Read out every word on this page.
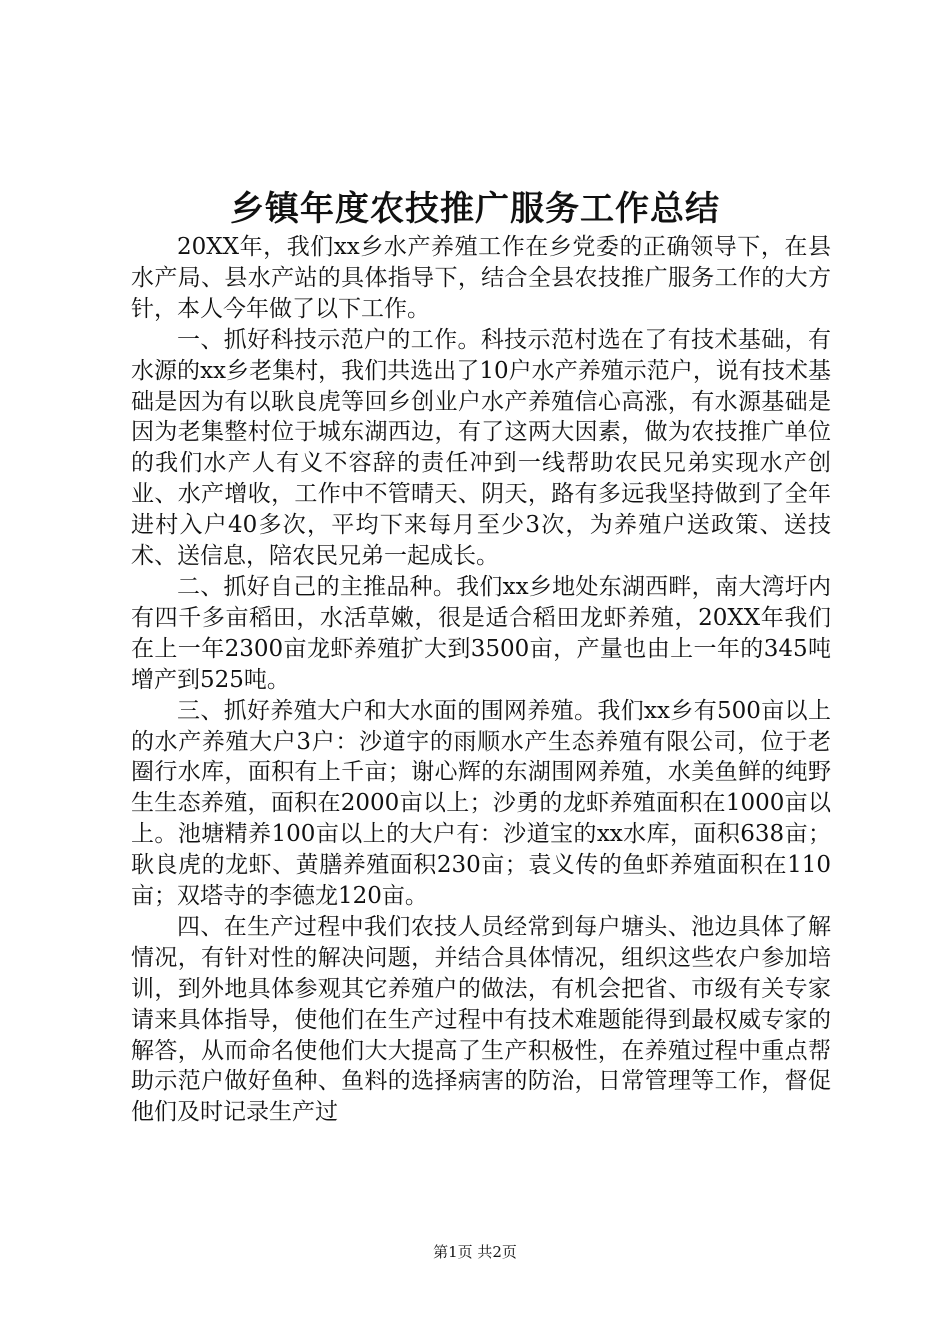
乡镇年度农技推广服务工作总结

20XX年，我们xx乡水产养殖工作在乡党委的正确领导下，在县水产局、县水产站的具体指导下，结合全县农技推广服务工作的大方针，本人今年做了以下工作。

一、抓好科技示范户的工作。科技示范村选在了有技术基础，有水源的xx乡老集村，我们共选出了10户水产养殖示范户，说有技术基础是因为有以耿良虎等回乡创业户水产养殖信心高涨，有水源基础是因为老集整村位于城东湖西边，有了这两大因素，做为农技推广单位的我们水产人有义不容辞的责任冲到一线帮助农民兄弟实现水产创业、水产增收，工作中不管晴天、阴天，路有多远我坚持做到了全年进村入户40多次，平均下来每月至少3次，为养殖户送政策、送技术、送信息，陪农民兄弟一起成长。

二、抓好自己的主推品种。我们xx乡地处东湖西畔，南大湾圩内有四千多亩稻田，水活草嫩，很是适合稻田龙虾养殖，20XX年我们在上一年2300亩龙虾养殖扩大到3500亩，产量也由上一年的345吨增产到525吨。

三、抓好养殖大户和大水面的围网养殖。我们xx乡有500亩以上的水产养殖大户3户：沙道宇的雨顺水产生态养殖有限公司，位于老圈行水库，面积有上千亩；谢心辉的东湖围网养殖，水美鱼鲜的纯野生生态养殖，面积在2000亩以上；沙勇的龙虾养殖面积在1000亩以上。池塘精养100亩以上的大户有：沙道宝的xx水库，面积638亩；耿良虎的龙虾、黄膳养殖面积230亩；袁义传的鱼虾养殖面积在110亩；双塔寺的李德龙120亩。

四、在生产过程中我们农技人员经常到每户塘头、池边具体了解情况，有针对性的解决问题，并结合具体情况，组织这些农户参加培训，到外地具体参观其它养殖户的做法，有机会把省、市级有关专家请来具体指导，使他们在生产过程中有技术难题能得到最权威专家的解答，从而命名使他们大大提高了生产积极性，在养殖过程中重点帮助示范户做好鱼种、鱼料的选择病害的防治，日常管理等工作，督促他们及时记录生产过

第1页 共2页
